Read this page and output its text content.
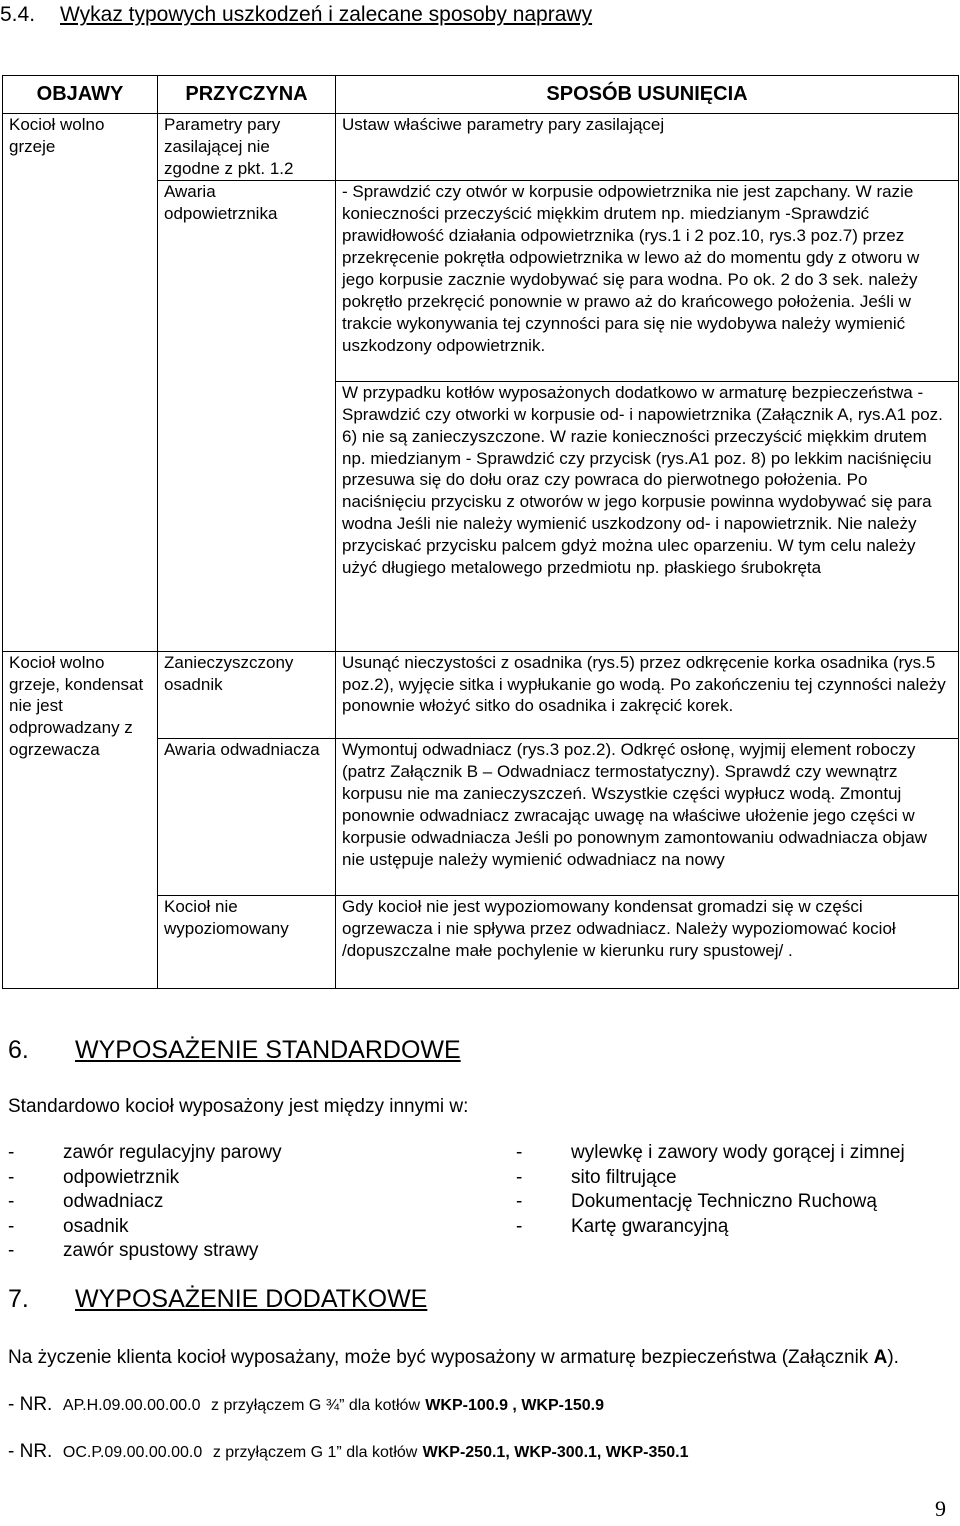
5.4. Wykaz typowych uszkodzeń i zalecane sposoby naprawy
OBJAWY	PRZYCZYNA	SPOSÓB USUNIĘCIA

Kocioł wolno grzeje	Parametry pary zasilającej nie zgodne z pkt. 1.2	Ustaw właściwe parametry pary zasilającej

	Awaria odpowietrznika	- Sprawdzić czy otwór w korpusie odpowietrznika nie jest zapchany. W razie konieczności przeczyścić miękkim drutem np. miedzianym -Sprawdzić prawidłowość działania odpowietrznika (rys.1 i 2 poz.10, rys.3 poz.7) przez przekręcenie pokrętła odpowietrznika w lewo aż do momentu gdy z otworu w jego korpusie zacznie wydobywać się para wodna. Po ok. 2 do 3 sek. należy pokrętło przekręcić ponownie w prawo aż do krańcowego położenia. Jeśli w trakcie wykonywania tej czynności para się nie wydobywa należy wymienić uszkodzony odpowietrznik.

		W przypadku kotłów wyposażonych dodatkowo w armaturę bezpieczeństwa - Sprawdzić czy otworki w korpusie od- i napowietrznika (Załącznik A, rys.A1 poz. 6) nie są zanieczyszczone. W razie konieczności przeczyścić miękkim drutem np. miedzianym - Sprawdzić czy przycisk (rys.A1 poz. 8) po lekkim naciśnięciu przesuwa się do dołu oraz czy powraca do pierwotnego położenia. Po naciśnięciu przycisku z otworów w jego korpusie powinna wydobywać się para wodna Jeśli nie należy wymienić uszkodzony od- i napowietrznik. Nie należy przyciskać przycisku palcem gdyż można ulec oparzeniu. W tym celu należy użyć długiego metalowego przedmiotu np. płaskiego śrubokręta

Kocioł wolno grzeje, kondensat nie jest odprowadzany z ogrzewacza	Zanieczyszczony osadnik	Usunąć nieczystości z osadnika (rys.5) przez odkręcenie korka osadnika (rys.5 poz.2), wyjęcie sitka i wypłukanie go wodą. Po zakończeniu tej czynności należy ponownie włożyć sitko do osadnika i zakręcić korek.

	Awaria odwadniacza	Wymontuj odwadniacz (rys.3 poz.2). Odkręć osłonę, wyjmij element roboczy (patrz Załącznik B – Odwadniacz termostatyczny). Sprawdź czy wewnątrz korpusu nie ma zanieczyszczeń. Wszystkie części wypłucz wodą. Zmontuj ponownie odwadniacz zwracając uwagę na właściwe ułożenie jego części w korpusie odwadniacza Jeśli po ponownym zamontowaniu odwadniacza objaw nie ustępuje należy wymienić odwadniacz na nowy

	Kocioł nie wypoziomowany	Gdy kocioł nie jest wypoziomowany kondensat gromadzi się w części ogrzewacza i nie spływa przez odwadniacz. Należy wypoziomować kocioł /dopuszczalne małe pochylenie w kierunku rury spustowej/ .

6. WYPOSAŻENIE STANDARDOWE
Standardowo kocioł wyposażony jest między innymi w:
-	zawór regulacyjny parowy
-	odpowietrznik
-	odwadniacz
-	osadnik
-	zawór spustowy strawy
-	wylewkę i zawory wody gorącej i zimnej
-	sito filtrujące
-	Dokumentację Techniczno Ruchową
-	Kartę gwarancyjną
7. WYPOSAŻENIE DODATKOWE
Na życzenie klienta kocioł wyposażany, może być wyposażony w armaturę bezpieczeństwa (Załącznik A).
- NR. AP.H.09.00.00.00.0 z przyłączem G ¾” dla kotłów WKP-100.9 , WKP-150.9
- NR. OC.P.09.00.00.00.0 z przyłączem G 1” dla kotłów WKP-250.1, WKP-300.1, WKP-350.1
9
